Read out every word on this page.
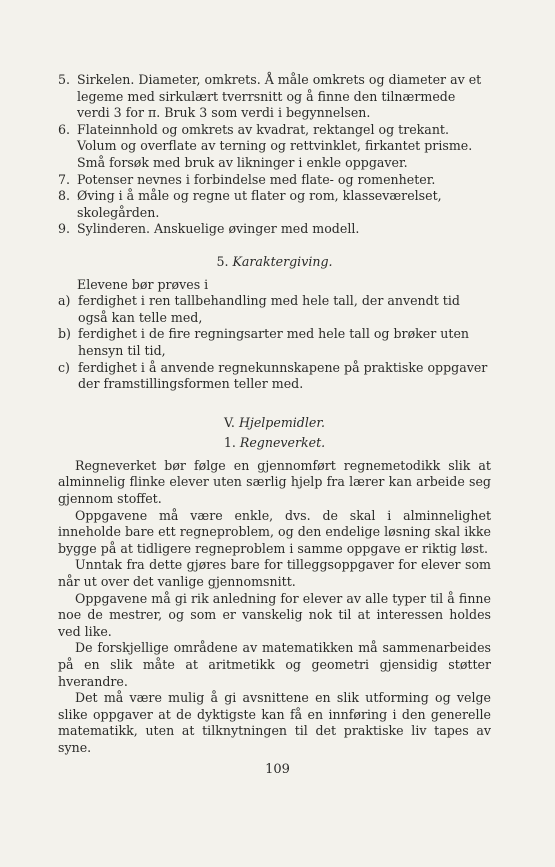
5. Sirkelen. Diameter, omkrets. Å måle omkrets og diameter av et legeme med sirkulært tverrsnitt og å finne den tilnærmede verdi 3 for π. Bruk 3 som verdi i begynnelsen.
6. Flateinnhold og omkrets av kvadrat, rektangel og trekant. Volum og overflate av terning og rettvinklet, firkantet prisme. Små forsøk med bruk av likninger i enkle oppgaver.
7. Potenser nevnes i forbindelse med flate- og romenheter.
8. Øving i å måle og regne ut flater og rom, klasseværelset, skolegården.
9. Sylinderen. Anskuelige øvinger med modell.

5. Karaktergiving.

Elevene bør prøves i

a) ferdighet i ren tallbehandling med hele tall, der anvendt tid også kan telle med,
b) ferdighet i de fire regningsarter med hele tall og brøker uten hensyn til tid,
c) ferdighet i å anvende regnekunnskapene på praktiske oppgaver der framstillingsformen teller med.

V. Hjelpemidler.

1. Regneverket.

Regneverket bør følge en gjennomført regnemetodikk slik at alminnelig flinke elever uten særlig hjelp fra lærer kan arbeide seg gjennom stoffet.

Oppgavene må være enkle, dvs. de skal i alminnelighet inneholde bare ett regneproblem, og den endelige løsning skal ikke bygge på at tidligere regneproblem i samme oppgave er riktig løst.

Unntak fra dette gjøres bare for tilleggsoppgaver for elever som når ut over det vanlige gjennomsnitt.

Oppgavene må gi rik anledning for elever av alle typer til å finne noe de mestrer, og som er vanskelig nok til at interessen holdes ved like.

De forskjellige områdene av matematikken må sammenarbeides på en slik måte at aritmetikk og geometri gjensidig støtter hverandre.

Det må være mulig å gi avsnittene en slik utforming og velge slike oppgaver at de dyktigste kan få en innføring i den generelle matematikk, uten at tilknytningen til det praktiske liv tapes av syne.

109
